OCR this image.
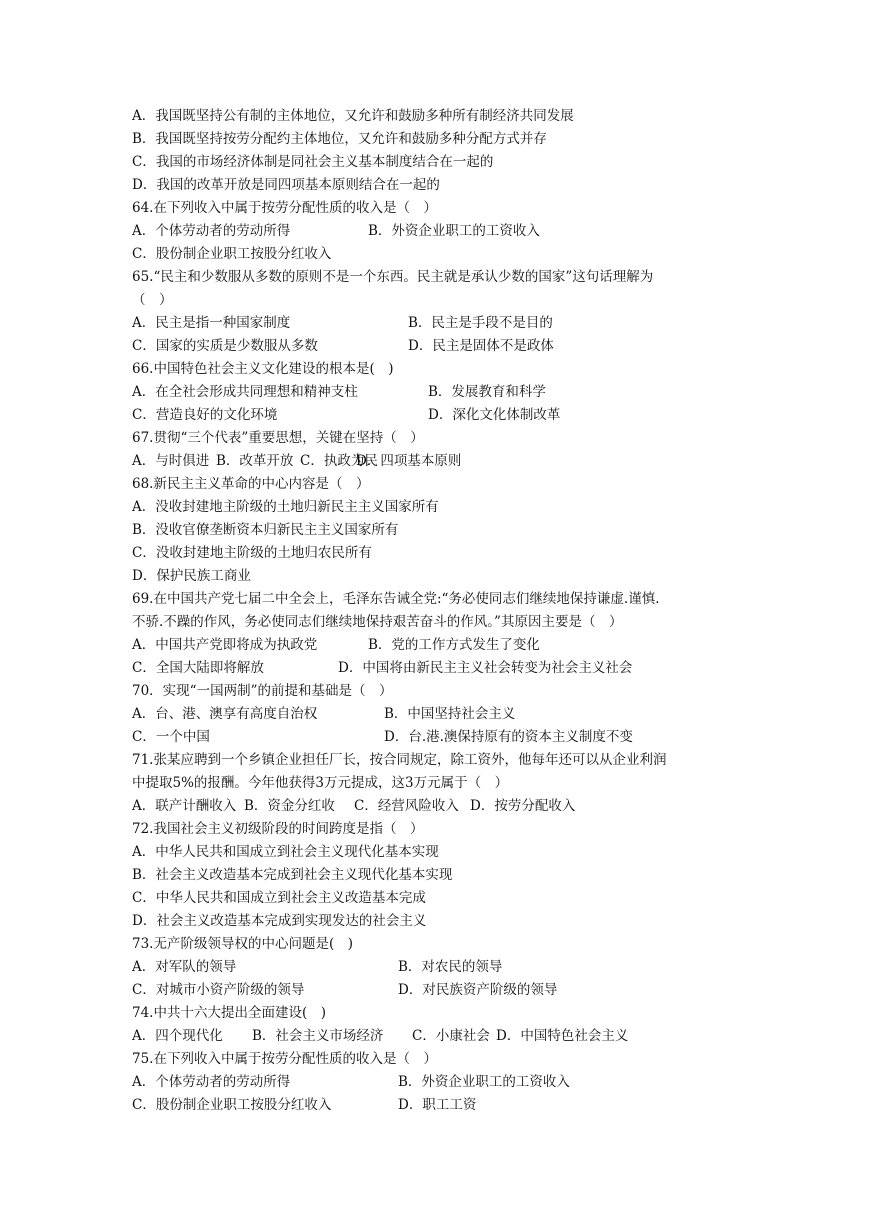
A．我国既坚持公有制的主体地位，又允许和鼓励多种所有制经济共同发展
B．我国既坚持按劳分配约主体地位，又允许和鼓励多种分配方式并存
C．我国的市场经济体制是同社会主义基本制度结合在一起的
D．我国的改革开放是同四项基本原则结合在一起的
64.在下列收入中属于按劳分配性质的收入是（　）
A．个体劳动者的劳动所得	B．外资企业职工的工资收入
C．股份制企业职工按股分红收入
65.“民主和少数服从多数的原则不是一个东西。民主就是承认少数的国家”这句话理解为
（　）
A．民主是指一种国家制度	B．民主是手段不是目的
C．国家的实质是少数服从多数	D．民主是固体不是政体
66.中国特色社会主义文化建设的根本是(　)
A．在全社会形成共同理想和精神支柱	B．发展教育和科学
C．营造良好的文化环境	D．深化文化体制改革
67.贯彻“三个代表”重要思想，关键在坚持（　）
A．与时俱进 B．改革开放 C．执政为民
D．四项基本原则
68.新民主主义革命的中心内容是（　）
A．没收封建地主阶级的土地归新民主主义国家所有
B．没收官僚垄断资本归新民主主义国家所有
C．没收封建地主阶级的土地归农民所有
D．保护民族工商业
69.在中国共产党七届二中全会上，毛泽东告诫全党:“务必使同志们继续地保持谦虚.谨慎.
不骄.不躁的作风，务必使同志们继续地保持艰苦奋斗的作风。”其原因主要是（　）
A．中国共产党即将成为执政党	B．党的工作方式发生了变化
C．全国大陆即将解放	D．中国将由新民主主义社会转变为社会主义社会
70．实现“一国两制”的前提和基础是（　）
A．台、港、澳享有高度自治权	B．中国坚持社会主义
C．一个中国	D．台.港.澳保持原有的资本主义制度不变
71.张某应聘到一个乡镇企业担任厂长，按合同规定，除工资外，他每年还可以从企业利润
中提取5%的报酬。今年他获得3万元提成，这3万元属于（　）
A．联产计酬收入 B．资金分红收 C．经营风险收入 D．按劳分配收入
72.我国社会主义初级阶段的时间跨度是指（　）
A．中华人民共和国成立到社会主义现代化基本实现
B．社会主义改造基本完成到社会主义现代化基本实现
C．中华人民共和国成立到社会主义改造基本完成
D．社会主义改造基本完成到实现发达的社会主义
73.无产阶级领导权的中心问题是(　)
A．对军队的领导	B．对农民的领导
C．对城市小资产阶级的领导	D．对民族资产阶级的领导
74.中共十六大提出全面建设(　)
A．四个现代化 B．社会主义市场经济 C．小康社会 D．中国特色社会主义
75.在下列收入中属于按劳分配性质的收入是（　）
A．个体劳动者的劳动所得	B．外资企业职工的工资收入
C．股份制企业职工按股分红收入	D．职工工资
